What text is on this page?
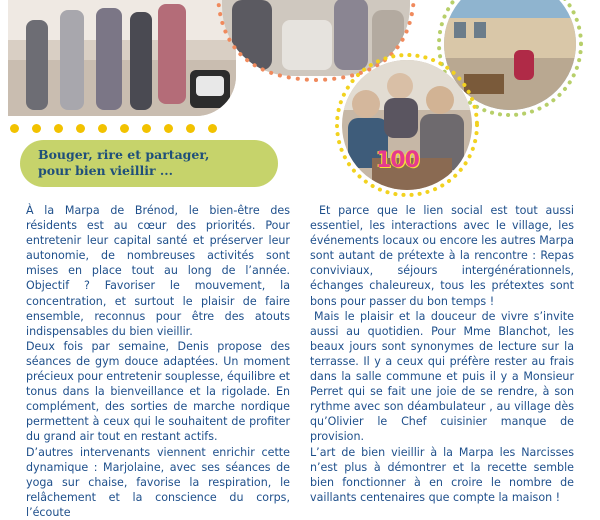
100

Bouger, rire et partager,
pour bien vieillir ...

À la Marpa de Brénod, le bien-être des résidents est au cœur des priorités. Pour entretenir leur capital santé et préserver leur autonomie, de nombreuses activités sont mises en place tout au long de l’année. Objectif ? Favoriser le mouvement, la concentration, et surtout le plaisir de faire ensemble, reconnus pour être des atouts indispensables du bien vieillir.

Deux fois par semaine, Denis propose des séances de gym douce adaptées. Un moment précieux pour entretenir souplesse, équilibre et tonus dans la bienveillance et la rigolade. En complément, des sorties de marche nordique permettent à ceux qui le souhaitent de profiter du grand air tout en restant actifs.

D’autres intervenants viennent enrichir cette dynamique : Marjolaine, avec ses séances de yoga sur chaise, favorise la respiration, le relâchement et la conscience du corps, l’écoute

Et parce que le lien social est tout aussi essentiel, les interactions avec le village, les événements locaux ou encore les autres Marpa sont autant de prétexte à la rencontre : Repas conviviaux, séjours intergénérationnels, échanges chaleureux, tous les prétextes sont bons pour passer du bon temps !

Mais le plaisir et la douceur de vivre s’invite aussi au quotidien. Pour Mme Blanchot, les beaux jours sont synonymes de lecture sur la terrasse. Il y a ceux qui préfère rester au frais dans la salle commune et puis il y a Monsieur Perret qui se fait une joie de se rendre, à son rythme avec son déambulateur , au village dès qu’Olivier le Chef cuisinier manque de provision.

L’art de bien vieillir à la Marpa les Narcisses n’est plus à démontrer et la recette semble bien fonctionner à en croire le nombre de vaillants centenaires que compte la maison !
